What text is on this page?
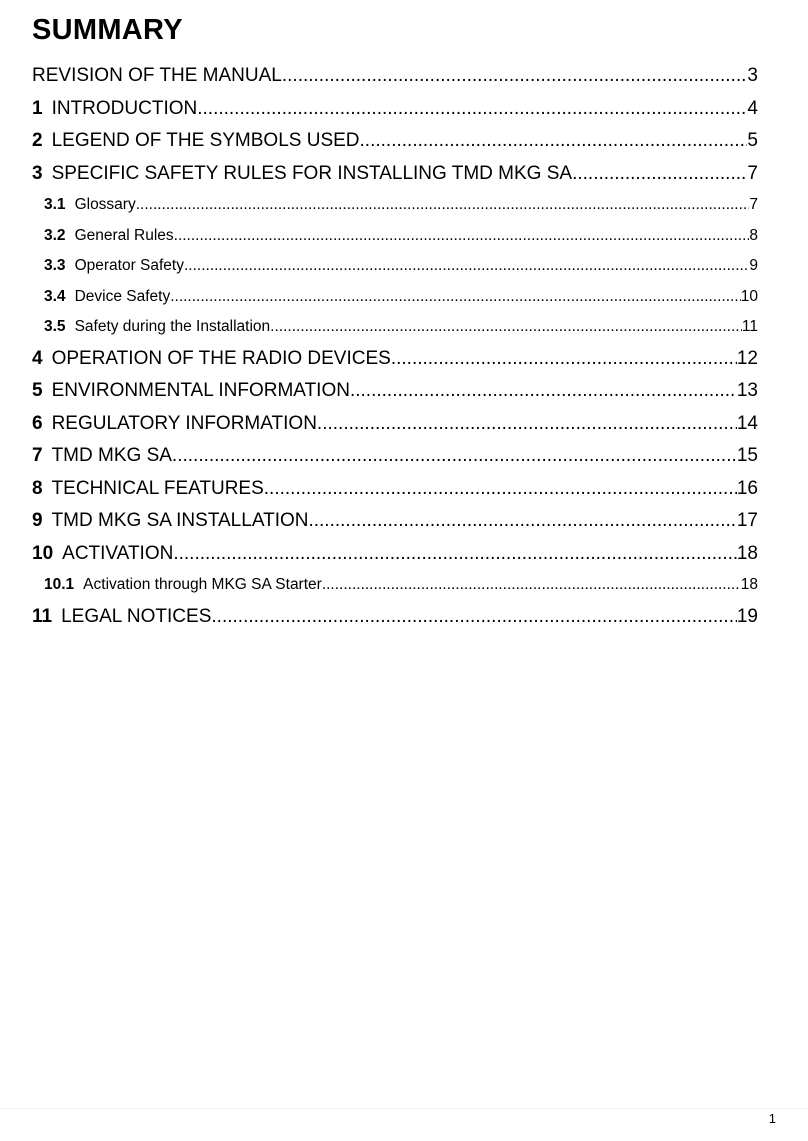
SUMMARY
REVISION OF THE MANUAL .....	3
1 INTRODUCTION .....	4
2 LEGEND OF THE SYMBOLS USED .....	5
3 SPECIFIC SAFETY RULES FOR INSTALLING TMD MKG SA .....	7
3.1 Glossary .....	7
3.2 General Rules .....	8
3.3 Operator Safety .....	9
3.4 Device Safety .....	10
3.5 Safety during the Installation .....	11
4 OPERATION OF THE RADIO DEVICES .....	12
5 ENVIRONMENTAL INFORMATION .....	13
6 REGULATORY INFORMATION .....	14
7 TMD MKG SA .....	15
8 TECHNICAL FEATURES .....	16
9 TMD MKG SA INSTALLATION .....	17
10 ACTIVATION .....	18
10.1 Activation through MKG SA Starter .....	18
11 LEGAL NOTICES .....	19
1
